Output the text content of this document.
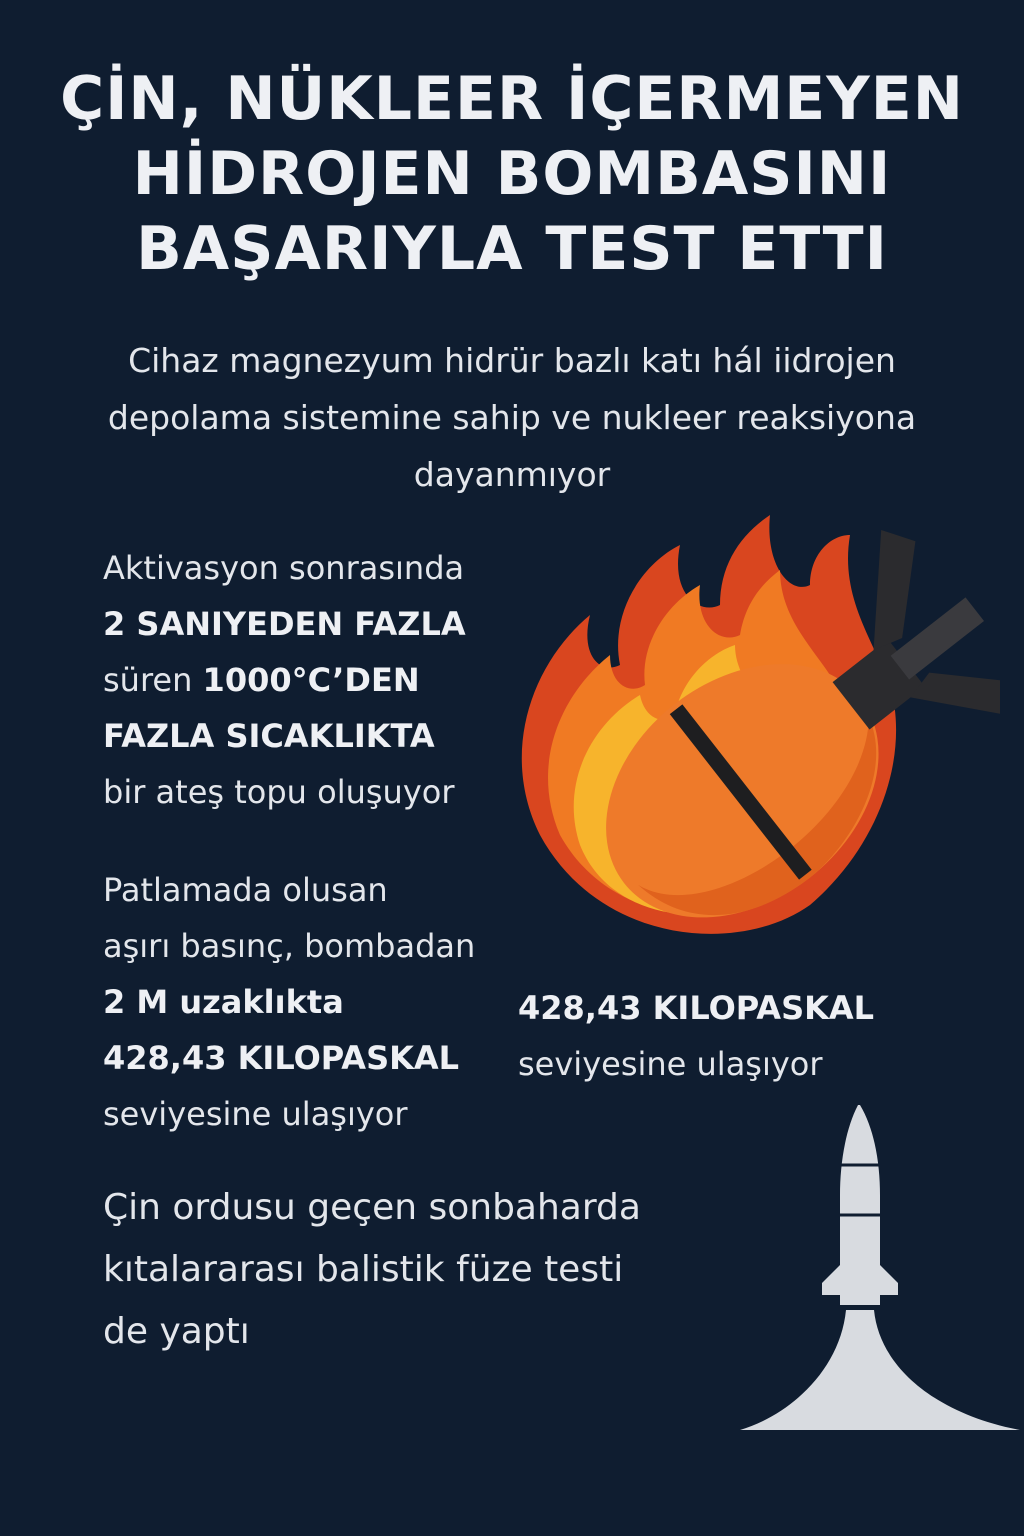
ÇİN, NÜKLEER İÇERMEYEN
HİDROJEN BOMBASINI
BAŞARIYLA TEST ETTI
Cihaz magnezyum hidrür bazlı katı hál iidrojen
depolama sistemine sahip ve nukleer reaksiyona
dayanmıyor
Aktivasyon sonrasında
2 SANIYEDEN FAZLA
süren 1000°C’DEN
FAZLA SICAKLIKTA
bir ateş topu oluşuyor
Patlamada olusan
aşırı basınç, bombadan
2 M uzaklıkta
428,43 KILOPASKAL
seviyesine ulaşıyor
428,43 KILOPASKAL
seviyesine ulaşıyor
Çin ordusu geçen sonbaharda
kıtalararası balistik füze testi
de yaptı
